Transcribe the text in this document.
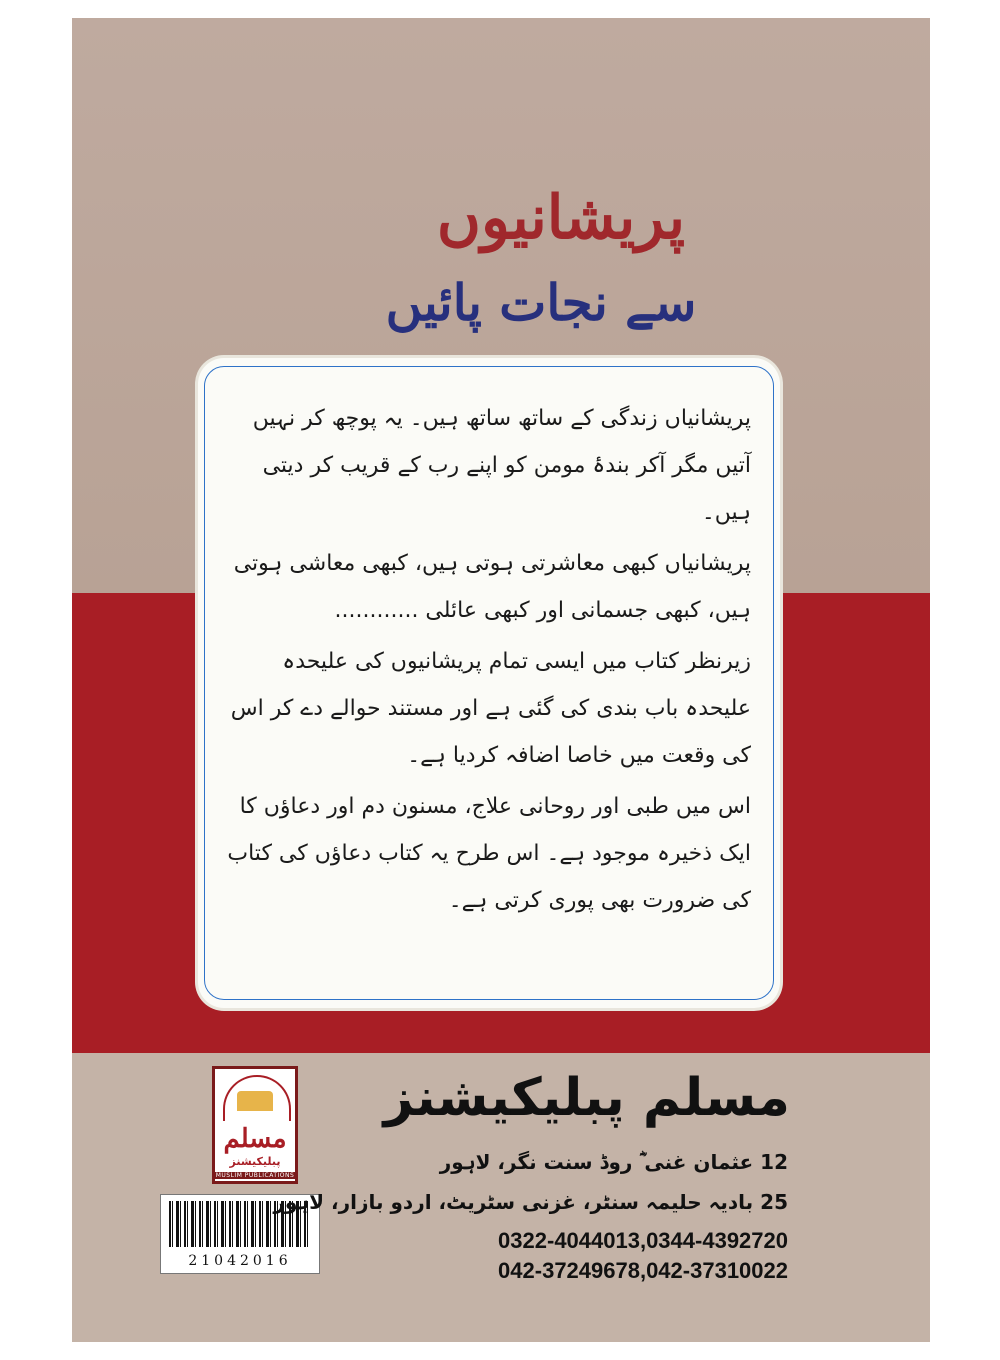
پریشانیوں
سے نجات پائیں

پریشانیاں زندگی کے ساتھ ساتھ ہیں۔ یہ پوچھ کر نہیں آتیں مگر آکر بندۂ مومن کو اپنے رب کے قریب کر دیتی ہیں۔

پریشانیاں کبھی معاشرتی ہوتی ہیں، کبھی معاشی ہوتی ہیں، کبھی جسمانی اور کبھی عائلی ............

زیرنظر کتاب میں ایسی تمام پریشانیوں کی علیحدہ علیحدہ باب بندی کی گئی ہے اور مستند حوالے دے کر اس کی وقعت میں خاصا اضافہ کردیا ہے۔

اس میں طبی اور روحانی علاج، مسنون دم اور دعاؤں کا ایک ذخیرہ موجود ہے۔ اس طرح یہ کتاب دعاؤں کی کتاب کی ضرورت بھی پوری کرتی ہے۔

مسلم
پبلیکیشنز
MUSLIM PUBLICATIONS
21042016
مسلم پبلیکیشنز
12 عثمان غنی ؓ روڈ سنت نگر، لاہور
25 بادیہ حلیمہ سنٹر، غزنی سٹریٹ، اردو بازار، لاہور
0322-4044013,0344-4392720
042-37249678,042-37310022
